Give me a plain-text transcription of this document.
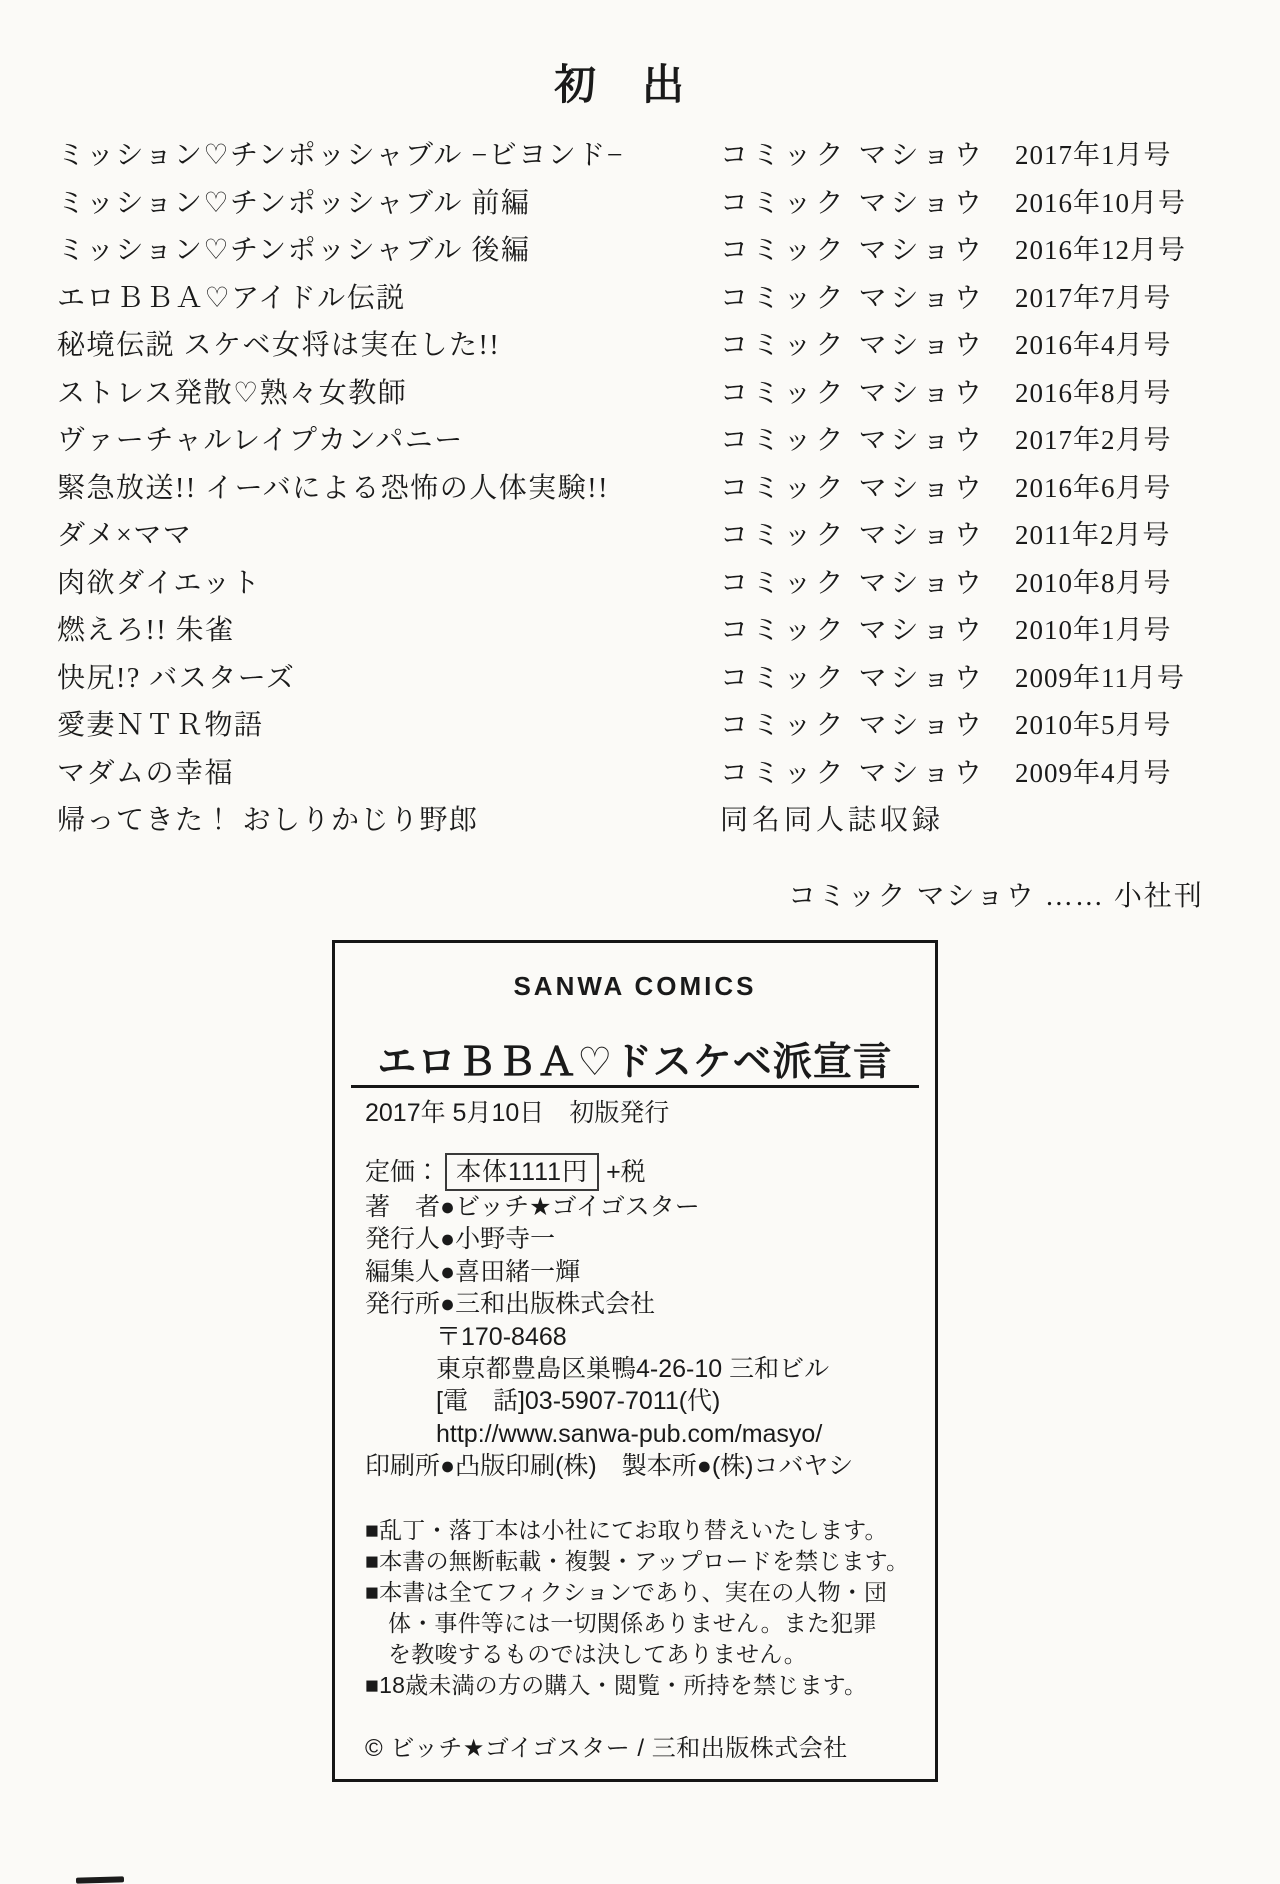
初　出
ミッション♡チンポッシャブル −ビヨンド−	コミック マショウ 2017年1月号
ミッション♡チンポッシャブル 前編	コミック マショウ 2016年10月号
ミッション♡チンポッシャブル 後編	コミック マショウ 2016年12月号
エロＢＢＡ♡アイドル伝説	コミック マショウ 2017年7月号
秘境伝説 スケベ女将は実在した!!	コミック マショウ 2016年4月号
ストレス発散♡熟々女教師	コミック マショウ 2016年8月号
ヴァーチャルレイプカンパニー	コミック マショウ 2017年2月号
緊急放送!! イーバによる恐怖の人体実験!!	コミック マショウ 2016年6月号
ダメ×ママ	コミック マショウ 2011年2月号
肉欲ダイエット	コミック マショウ 2010年8月号
燃えろ!! 朱雀	コミック マショウ 2010年1月号
快尻!? バスターズ	コミック マショウ 2009年11月号
愛妻ＮＴＲ物語	コミック マショウ 2010年5月号
マダムの幸福	コミック マショウ 2009年4月号
帰ってきた！ おしりかじり野郎	同名同人誌収録
コミック マショウ …… 小社刊
SANWA COMICS
エロＢＢＡ♡ドスケベ派宣言
2017年 5月10日　初版発行
定価： 本体1111円 +税
著　者●ビッチ★ゴイゴスター
発行人●小野寺一
編集人●喜田緒一輝
発行所●三和出版株式会社
〒170-8468
東京都豊島区巣鴨4-26-10 三和ビル
[電　話]03-5907-7011(代)
http://www.sanwa-pub.com/masyo/
印刷所●凸版印刷(株)　製本所●(株)コバヤシ
■乱丁・落丁本は小社にてお取り替えいたします。
■本書の無断転載・複製・アップロードを禁じます。
■本書は全てフィクションであり、実在の人物・団
体・事件等には一切関係ありません。また犯罪
を教唆するものでは決してありません。
■18歳未満の方の購入・閲覧・所持を禁じます。
© ビッチ★ゴイゴスター / 三和出版株式会社
